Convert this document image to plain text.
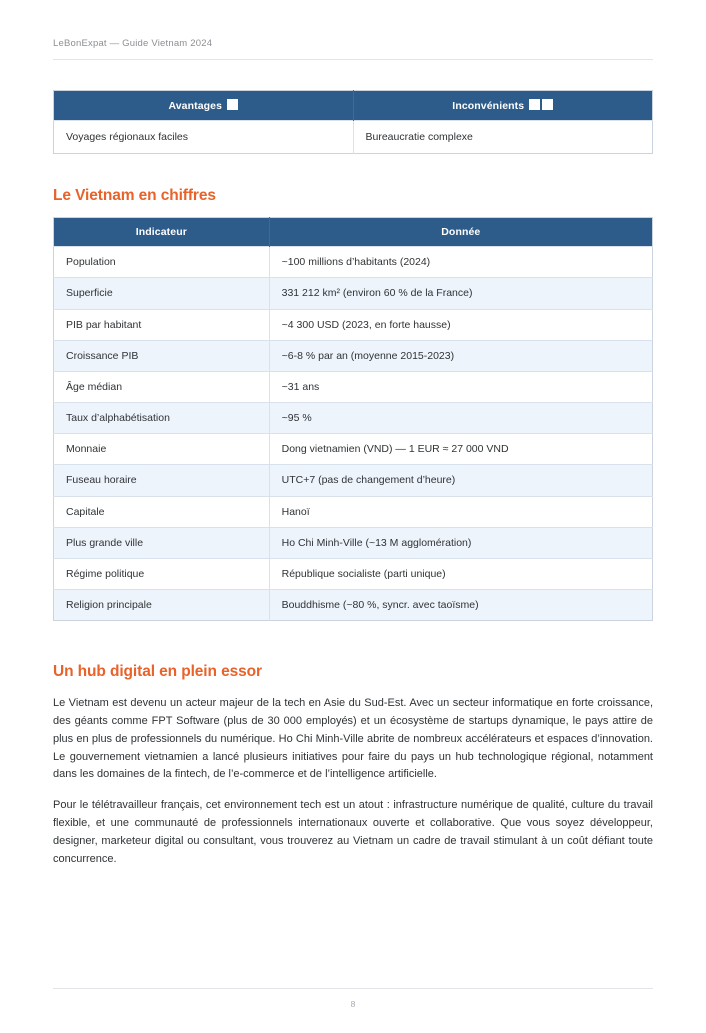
LeBonExpat — Guide Vietnam 2024
Avantages	Inconvénients
Voyages régionaux faciles	Bureaucratie complexe
Le Vietnam en chiffres
Indicateur	Donnée
Population	~100 millions d’habitants (2024)
Superficie	331 212 km² (environ 60 % de la France)
PIB par habitant	~4 300 USD (2023, en forte hausse)
Croissance PIB	~6-8 % par an (moyenne 2015-2023)
Âge médian	~31 ans
Taux d’alphabétisation	~95 %
Monnaie	Dong vietnamien (VND) — 1 EUR ≈ 27 000 VND
Fuseau horaire	UTC+7 (pas de changement d’heure)
Capitale	Hanoï
Plus grande ville	Ho Chi Minh-Ville (~13 M agglomération)
Régime politique	République socialiste (parti unique)
Religion principale	Bouddhisme (~80 %, syncr. avec taoïsme)
Un hub digital en plein essor

Le Vietnam est devenu un acteur majeur de la tech en Asie du Sud-Est. Avec un secteur informatique en forte croissance, des géants comme FPT Software (plus de 30 000 employés) et un écosystème de startups dynamique, le pays attire de plus en plus de professionnels du numérique. Ho Chi Minh-Ville abrite de nombreux accélérateurs et espaces d’innovation. Le gouvernement vietnamien a lancé plusieurs initiatives pour faire du pays un hub technologique régional, notamment dans les domaines de la fintech, de l’e-commerce et de l’intelligence artificielle.

Pour le télétravailleur français, cet environnement tech est un atout : infrastructure numérique de qualité, culture du travail flexible, et une communauté de professionnels internationaux ouverte et collaborative. Que vous soyez développeur, designer, marketeur digital ou consultant, vous trouverez au Vietnam un cadre de travail stimulant à un coût défiant toute concurrence.

8
